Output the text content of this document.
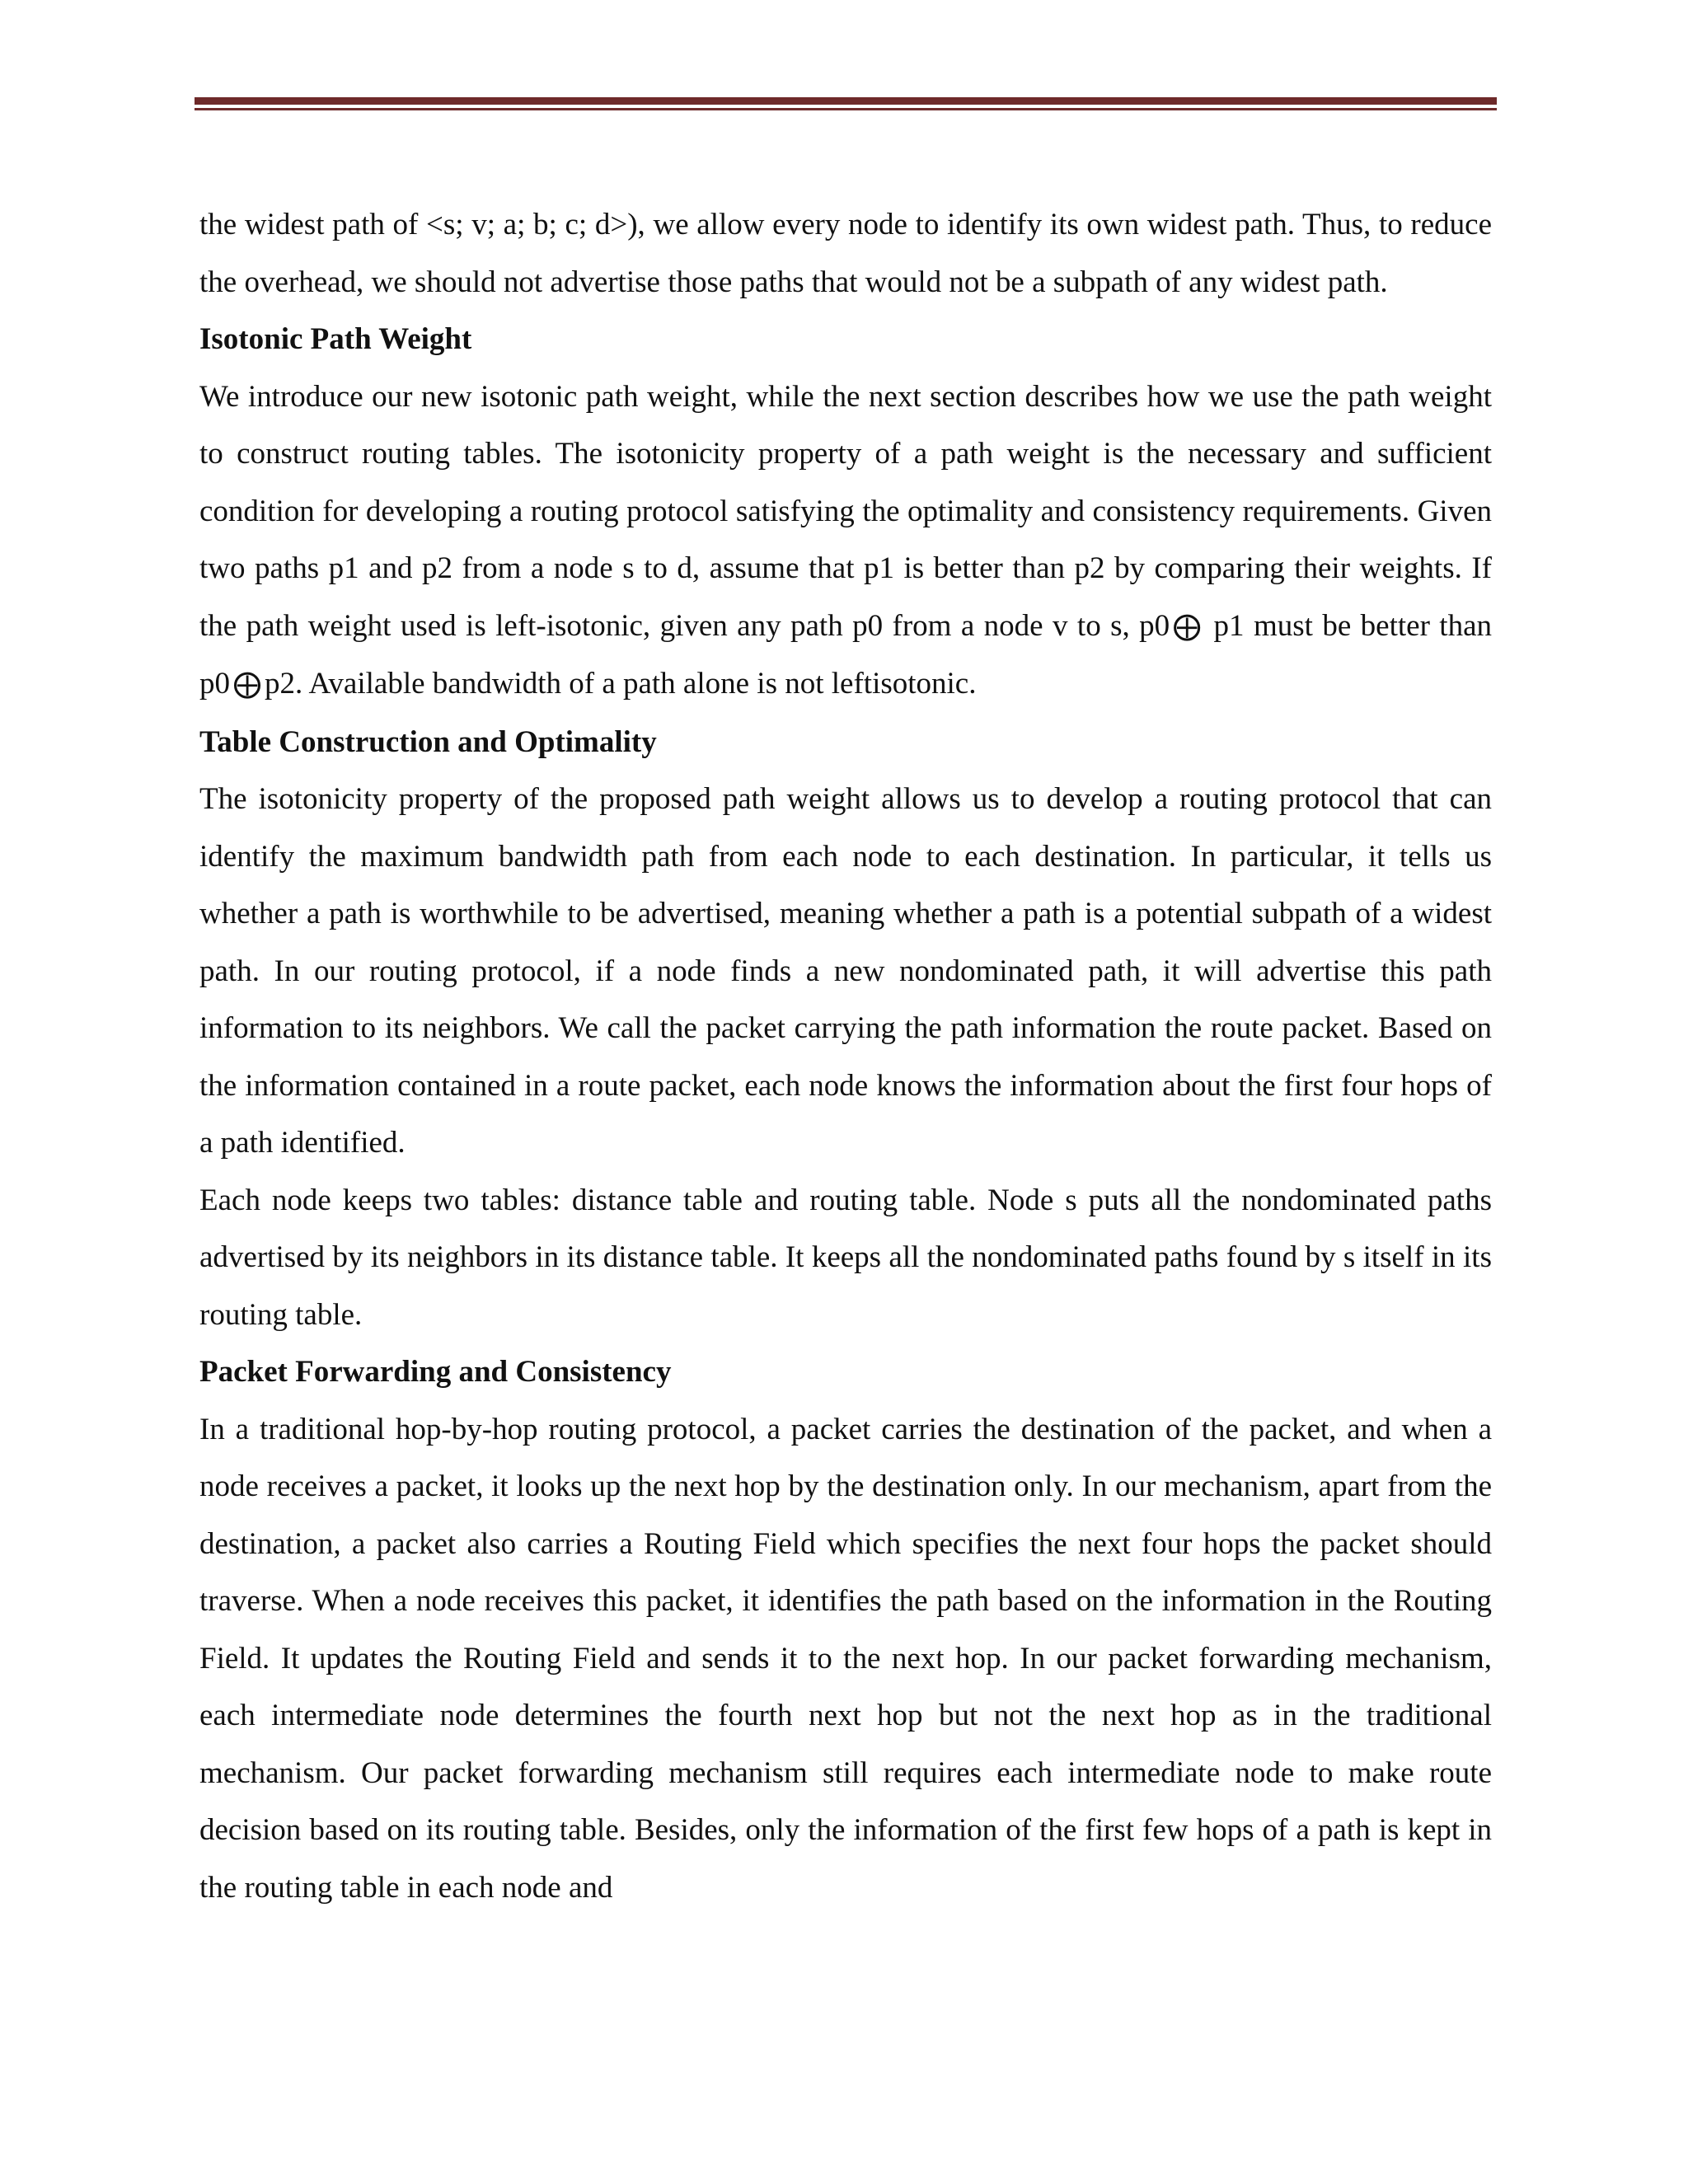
the widest path of <s; v; a; b; c; d>), we allow every node to identify its own widest path. Thus, to reduce the overhead, we should not advertise those paths that would not be a subpath of any widest path.

Isotonic Path Weight

We introduce our new isotonic path weight, while the next section describes how we use the path weight to construct routing tables. The isotonicity property of a path weight is the necessary and sufficient condition for developing a routing protocol satisfying the optimality and consistency requirements. Given two paths p1 and p2 from a node s to d, assume that p1 is better than p2 by comparing their weights. If the path weight used is left-isotonic, given any path p0 from a node v to s, p0 ⨁ p1 must be better than p0 ⨁ p2. Available bandwidth of a path alone is not leftisotonic.

Table Construction and Optimality

The isotonicity property of the proposed path weight allows us to develop a routing protocol that can identify the maximum bandwidth path from each node to each destination. In particular, it tells us whether a path is worthwhile to be advertised, meaning whether a path is a potential subpath of a widest path. In our routing protocol, if a node finds a new nondominated path, it will advertise this path information to its neighbors. We call the packet carrying the path information the route packet. Based on the information contained in a route packet, each node knows the information about the first four hops of a path identified.

Each node keeps two tables: distance table and routing table. Node s puts all the nondominated paths advertised by its neighbors in its distance table. It keeps all the nondominated paths found by s itself in its routing table.

Packet Forwarding and Consistency

In a traditional hop-by-hop routing protocol, a packet carries the destination of the packet, and when a node receives a packet, it looks up the next hop by the destination only. In our mechanism, apart from the destination, a packet also carries a Routing Field which specifies the next four hops the packet should traverse. When a node receives this packet, it identifies the path based on the information in the Routing Field. It updates the Routing Field and sends it to the next hop. In our packet forwarding mechanism, each intermediate node determines the fourth next hop but not the next hop as in the traditional mechanism. Our packet forwarding mechanism still requires each intermediate node to make route decision based on its routing table. Besides, only the information of the first few hops of a path is kept in the routing table in each node and
